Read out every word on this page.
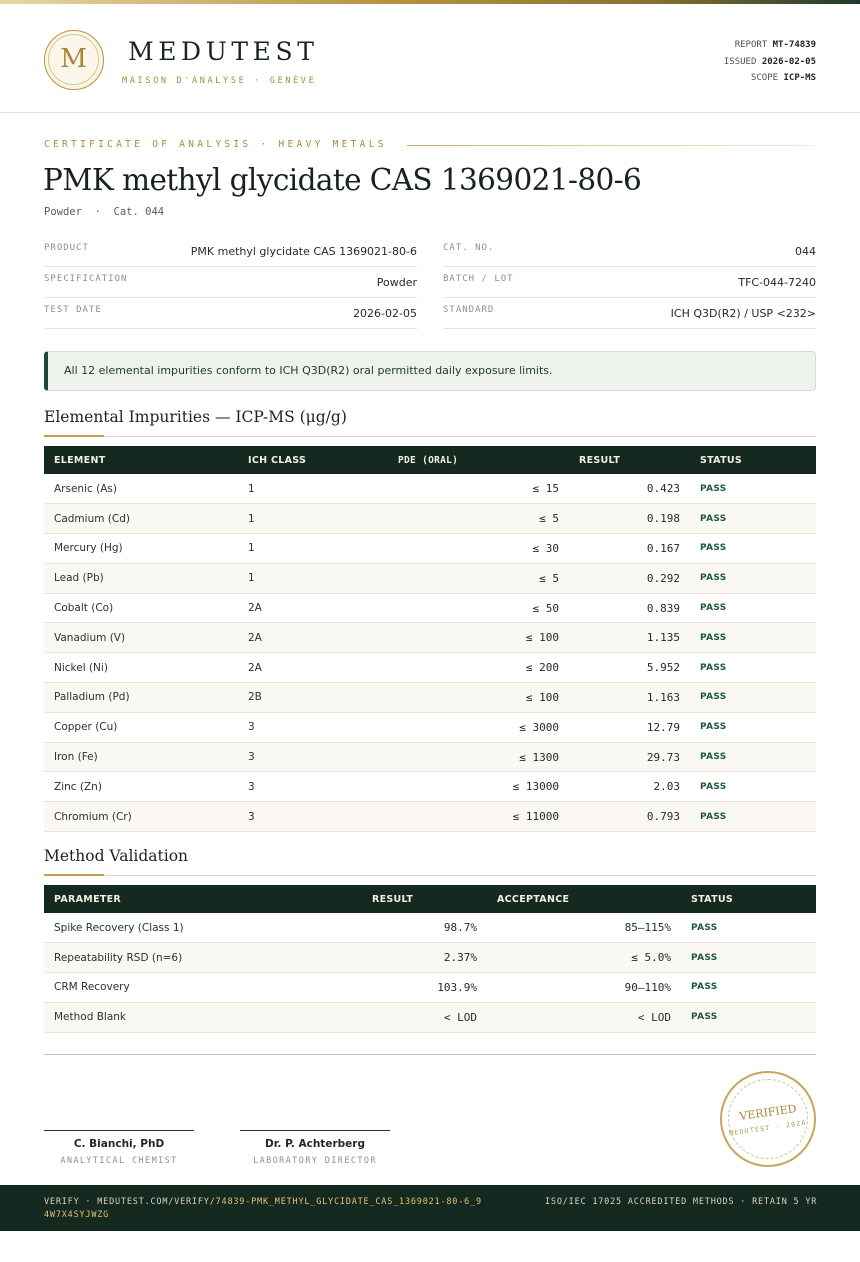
M	MEDUTEST
MAISON D'ANALYSE · GENÈVE
REPORT MT-74839
ISSUED 2026-02-05
SCOPE ICP-MS
CERTIFICATE OF ANALYSIS · HEAVY METALS
PMK methyl glycidate CAS 1369021-80-6
Powder  ·  Cat. 044
PRODUCT	PMK methyl glycidate CAS 1369021-80-6
SPECIFICATION	Powder
TEST DATE	2026-02-05
CAT. NO.	044
BATCH / LOT	TFC-044-7240
STANDARD	ICH Q3D(R2) / USP <232>
All 12 elemental impurities conform to ICH Q3D(R2) oral permitted daily exposure limits.
Elemental Impurities — ICP-MS (μg/g)
ELEMENT	ICH CLASS	PDE (ORAL)	RESULT	STATUS
Arsenic (As)	1	≤ 15	0.423	PASS
Cadmium (Cd)	1	≤ 5	0.198	PASS
Mercury (Hg)	1	≤ 30	0.167	PASS
Lead (Pb)	1	≤ 5	0.292	PASS
Cobalt (Co)	2A	≤ 50	0.839	PASS
Vanadium (V)	2A	≤ 100	1.135	PASS
Nickel (Ni)	2A	≤ 200	5.952	PASS
Palladium (Pd)	2B	≤ 100	1.163	PASS
Copper (Cu)	3	≤ 3000	12.79	PASS
Iron (Fe)	3	≤ 1300	29.73	PASS
Zinc (Zn)	3	≤ 13000	2.03	PASS
Chromium (Cr)	3	≤ 11000	0.793	PASS
Method Validation
PARAMETER	RESULT	ACCEPTANCE	STATUS
Spike Recovery (Class 1)	98.7%	85–115%	PASS
Repeatability RSD (n=6)	2.37%	≤ 5.0%	PASS
CRM Recovery	103.9%	90–110%	PASS
Method Blank	< LOD	< LOD	PASS
C. Bianchi, PhD
ANALYTICAL CHEMIST
Dr. P. Achterberg
LABORATORY DIRECTOR
VERIFIED
MEDUTEST · 2026
VERIFY · MEDUTEST.COM/VERIFY/74839-PMK_METHYL_GLYCIDATE_CAS_1369021-80-6_94W7X4SYJWZG
ISO/IEC 17025 ACCREDITED METHODS · RETAIN 5 YR
